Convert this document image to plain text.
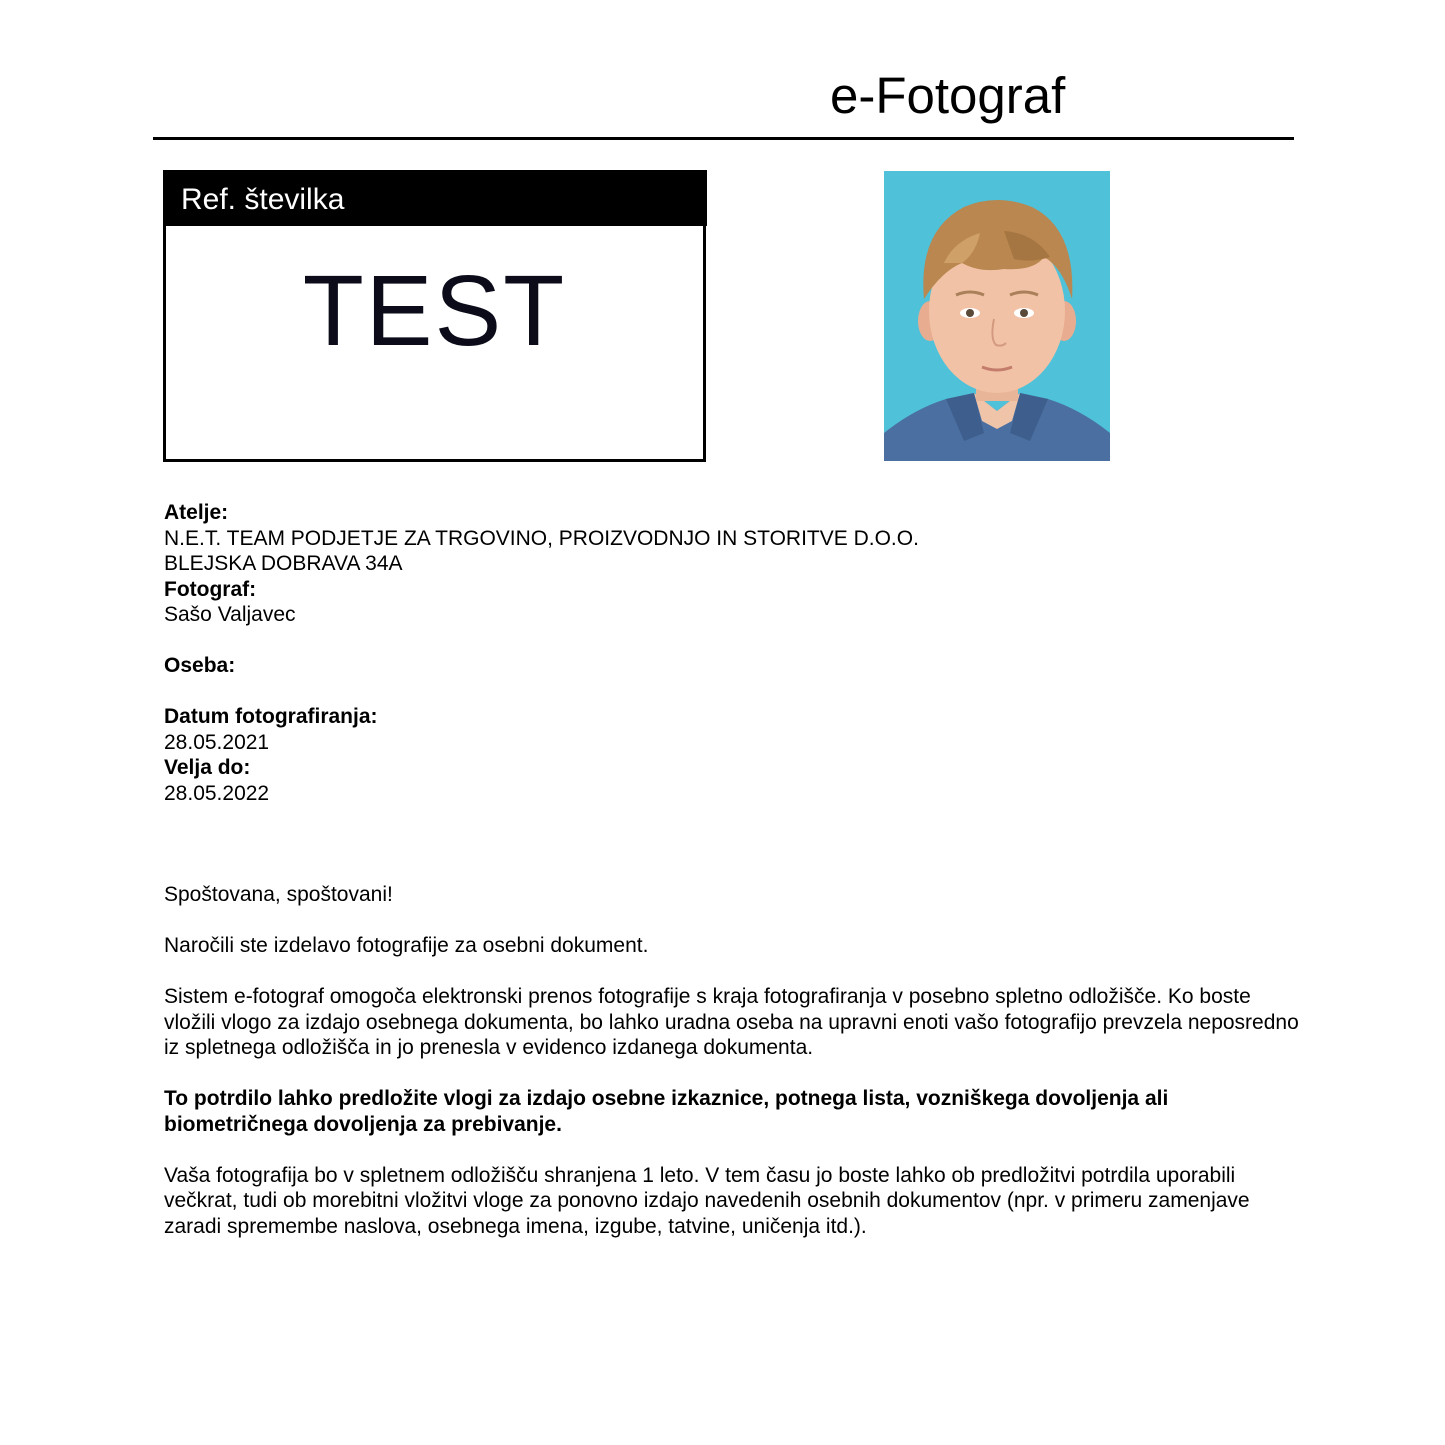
e-Fotograf
Ref. številka
TEST
Atelje:
N.E.T. TEAM PODJETJE ZA TRGOVINO, PROIZVODNJO IN STORITVE D.O.O.
BLEJSKA DOBRAVA 34A
Fotograf:
Sašo Valjavec
Oseba:
Datum fotografiranja:
28.05.2021
Velja do:
28.05.2022

Spoštovana, spoštovani!

Naročili ste izdelavo fotografije za osebni dokument.

Sistem e-fotograf omogoča elektronski prenos fotografije s kraja fotografiranja v posebno spletno odložišče. Ko boste vložili vlogo za izdajo osebnega dokumenta, bo lahko uradna oseba na upravni enoti vašo fotografijo prevzela neposredno iz spletnega odložišča in jo prenesla v evidenco izdanega dokumenta.

To potrdilo lahko predložite vlogi za izdajo osebne izkaznice, potnega lista, vozniškega dovoljenja ali biometričnega dovoljenja za prebivanje.

Vaša fotografija bo v spletnem odložišču shranjena 1 leto. V tem času jo boste lahko ob predložitvi potrdila uporabili večkrat, tudi ob morebitni vložitvi vloge za ponovno izdajo navedenih osebnih dokumentov (npr. v primeru zamenjave zaradi spremembe naslova, osebnega imena, izgube, tatvine, uničenja itd.).
